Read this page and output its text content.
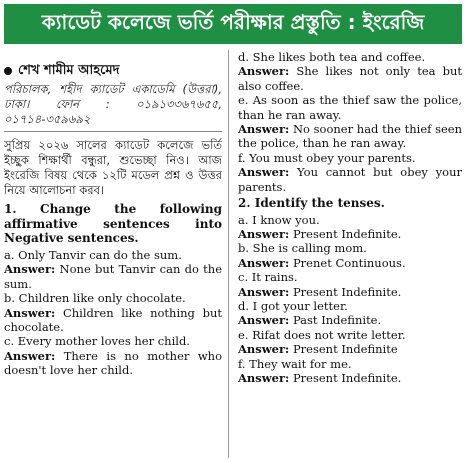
ক্যাডেট কলেজে ভর্তি পরীক্ষার প্রস্তুতি : ইংরেজি
শেখ শামীম আহমেদ
পরিচালক, শহীদ ক্যাডেট একাডেমি (উত্তরা), ঢাকা। ফোন : ০১৯১৩৩৬৭৬৫৫, ০১৭১৪-৩৫৯৬৯২
সুপ্রিয় ২০২৬ সালের ক্যাডেট কলেজে ভর্তি ইচ্ছুক শিক্ষার্থী বন্ধুরা, শুভেচ্ছা নিও। আজ ইংরেজি বিষয় থেকে ১২টি মডেল প্রশ্ন ও উত্তর নিয়ে আলোচনা করব।

1. Change the following affirmative sentences into Negative sentences.

a. Only Tanvir can do the sum.

Answer: None but Tanvir can do the sum.

b. Children like only chocolate.

Answer: Children like nothing but chocolate.

c. Every mother loves her child.

Answer: There is no mother who doesn't love her child.

d. She likes both tea and coffee.

Answer: She likes not only tea but also coffee.

e. As soon as the thief saw the police, than he ran away.

Answer: No sooner had the thief seen the police, than he ran away.

f. You must obey your parents.

Answer: You cannot but obey your parents.

2. Identify the tenses.

a. I know you.

Answer: Present Indefinite.

b. She is calling mom.

Answer: Prenet Continuous.

c. It rains.

Answer: Present Indefinite.

d. I got your letter.

Answer: Past Indefinite.

e. Rifat does not write letter.

Answer: Present Indefinite

f. They wait for me.

Answer: Present Indefinite.
